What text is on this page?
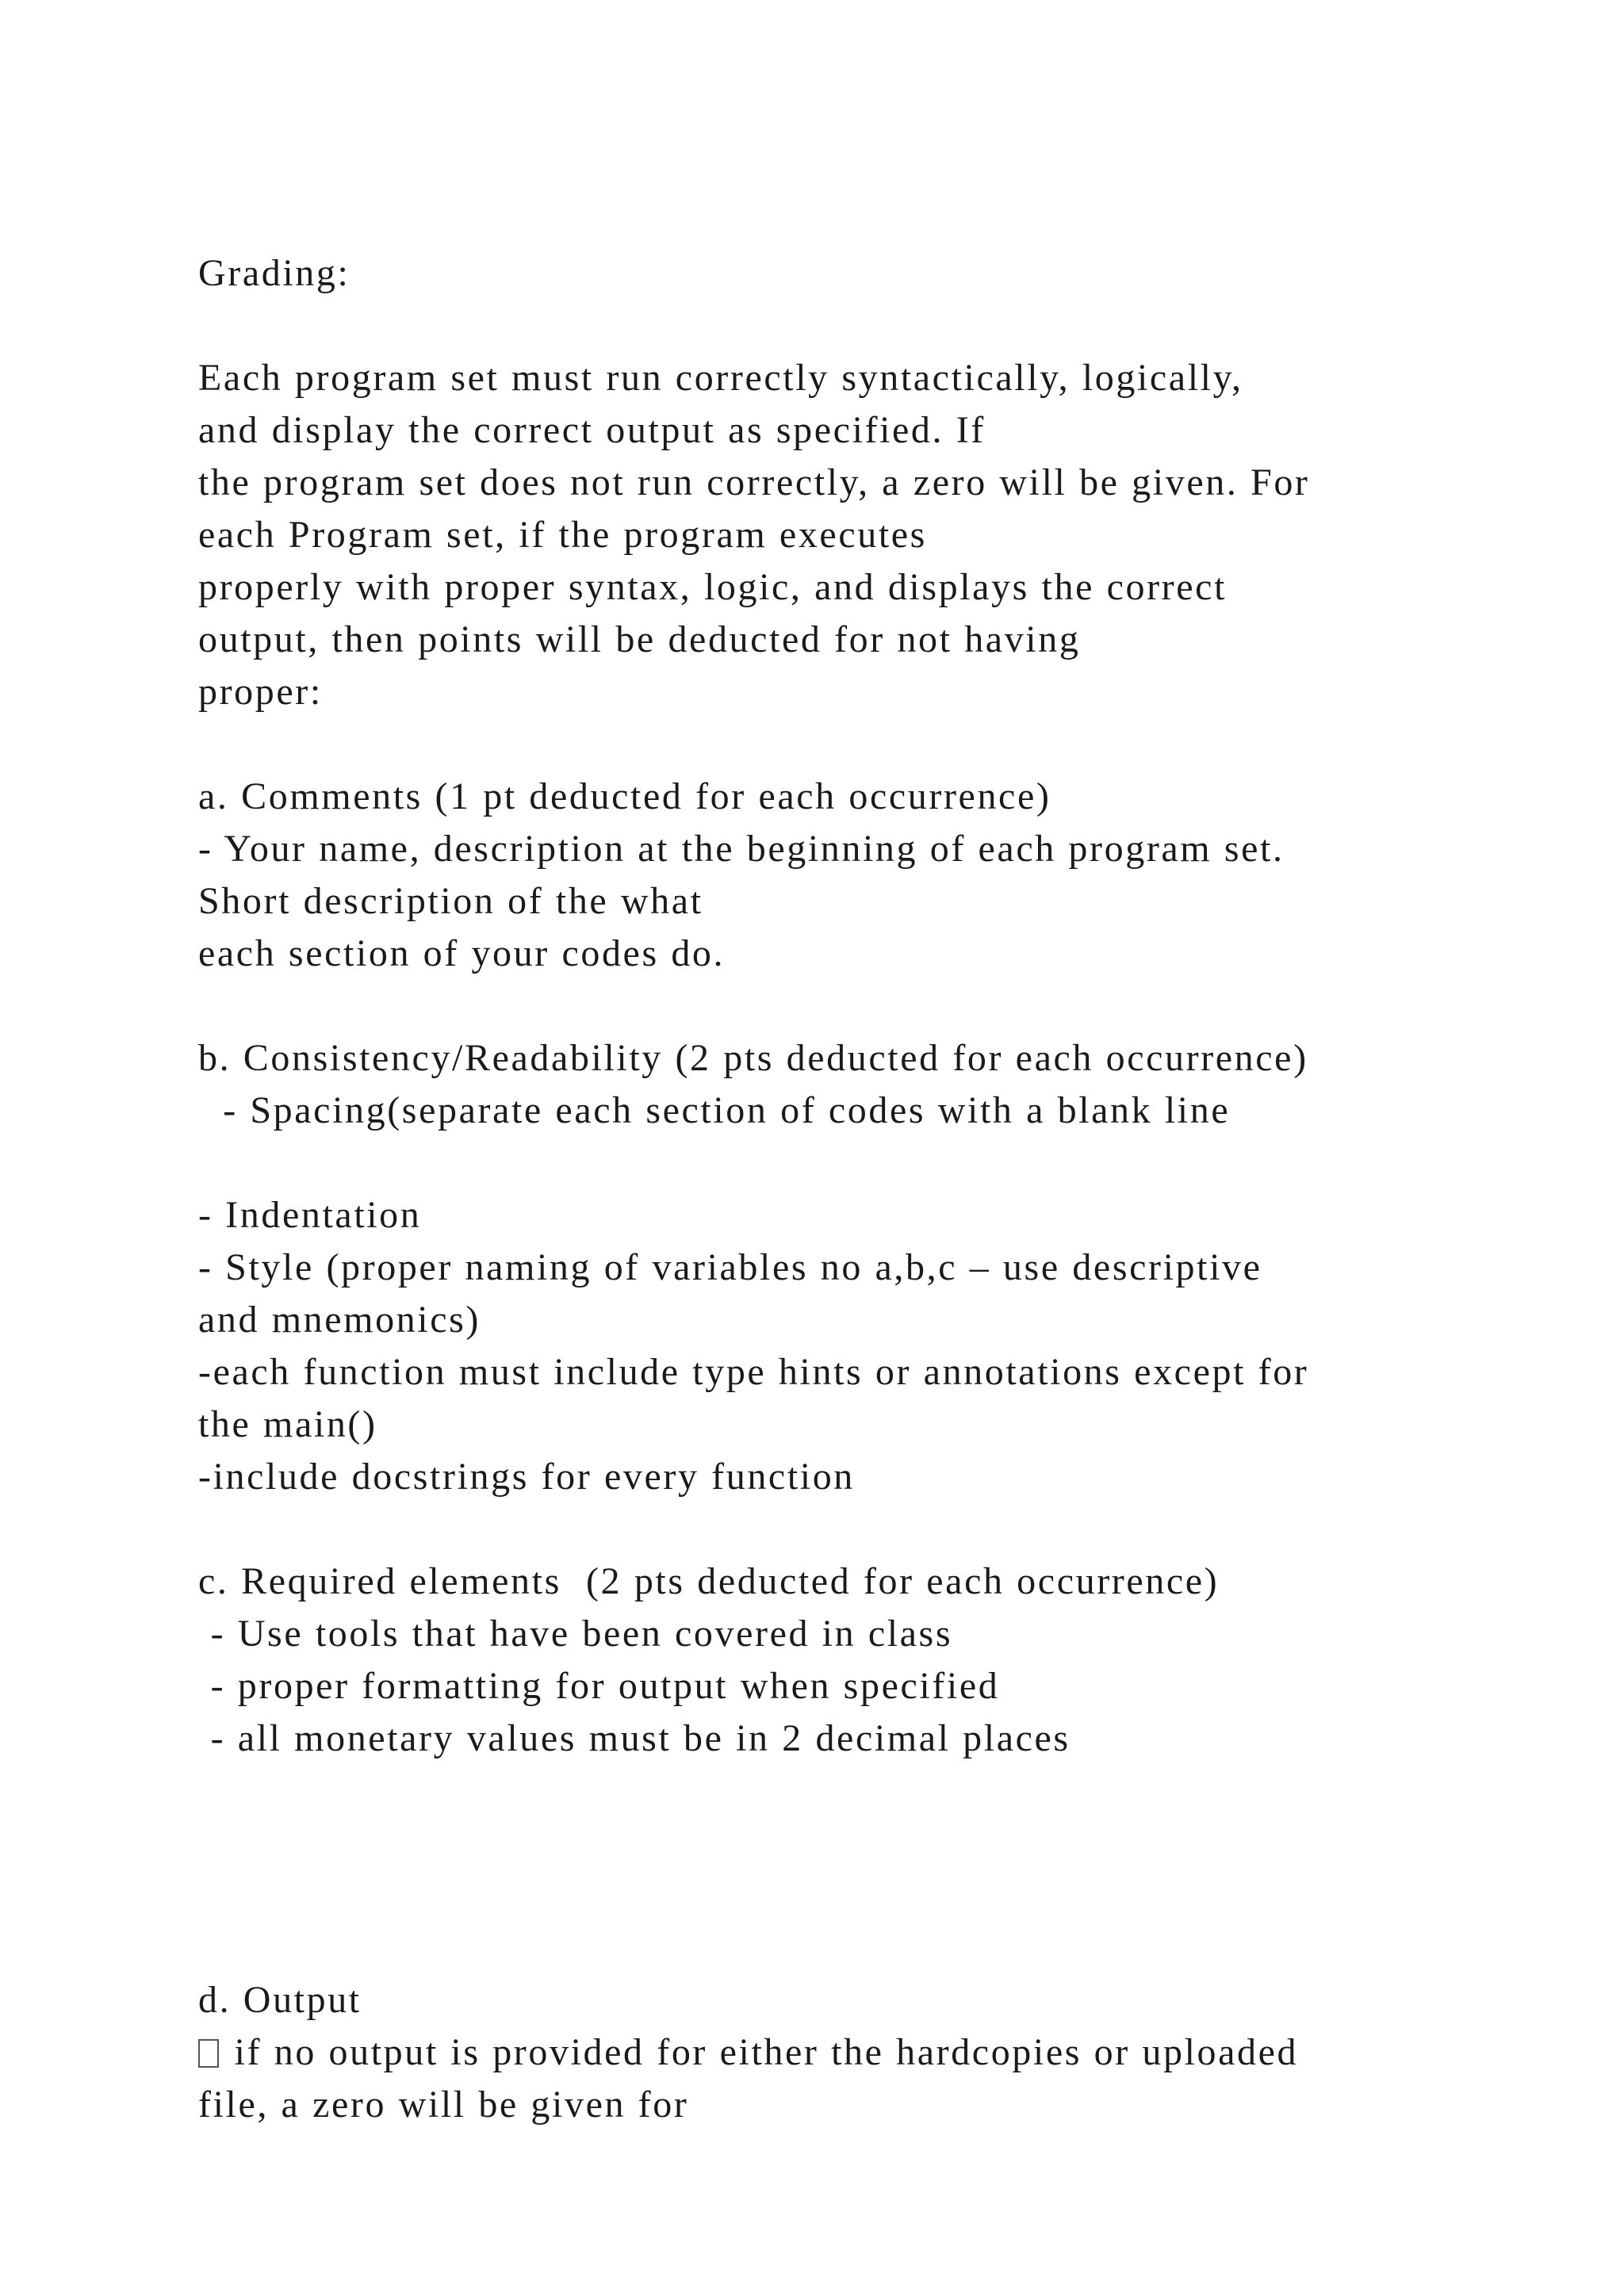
Grading:
Each program set must run correctly syntactically, logically,
and display the correct output as specified. If
the program set does not run correctly, a zero will be given. For
each Program set, if the program executes
properly with proper syntax, logic, and displays the correct
output, then points will be deducted for not having
proper:
a. Comments (1 pt deducted for each occurrence)
- Your name, description at the beginning of each program set.
Short description of the what
each section of your codes do.
b. Consistency/Readability (2 pts deducted for each occurrence)
- Spacing(separate each section of codes with a blank line
- Indentation
- Style (proper naming of variables no a,b,c – use descriptive
and mnemonics)
-each function must include type hints or annotations except for
the main()
-include docstrings for every function
c. Required elements  (2 pts deducted for each occurrence)
- Use tools that have been covered in class
- proper formatting for output when specified
- all monetary values must be in 2 decimal places
d. Output
if no output is provided for either the hardcopies or uploaded
file, a zero will be given for
